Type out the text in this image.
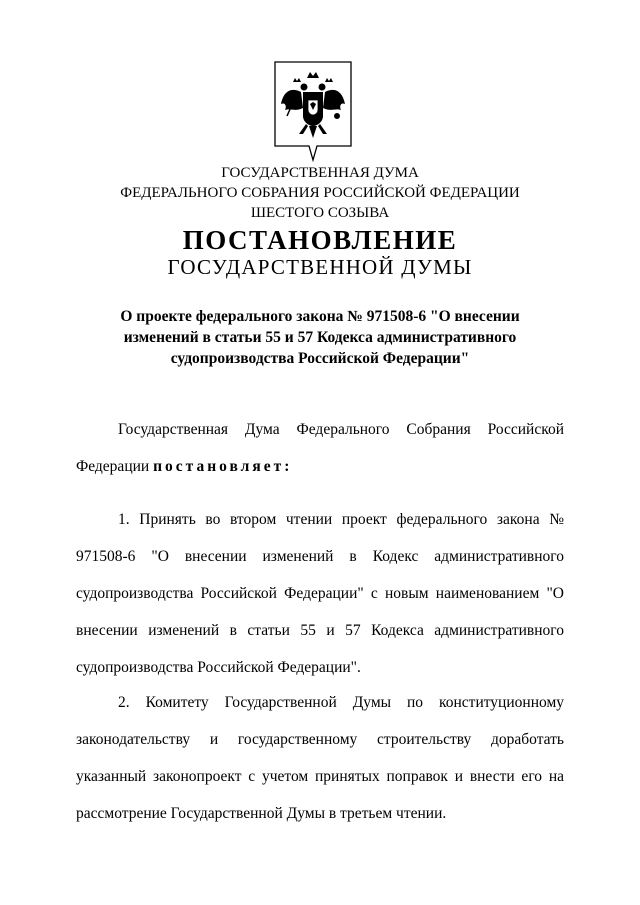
ГОСУДАРСТВЕННАЯ ДУМА
ФЕДЕРАЛЬНОГО СОБРАНИЯ РОССИЙСКОЙ ФЕДЕРАЦИИ
ШЕСТОГО СОЗЫВА
ПОСТАНОВЛЕНИЕ
ГОСУДАРСТВЕННОЙ ДУМЫ
О проекте федерального закона № 971508-6 "О внесении изменений в статьи 55 и 57 Кодекса административного судопроизводства Российской Федерации"
Государственная Дума Федерального Собрания Российской Федерации постановляет:
1. Принять во втором чтении проект федерального закона № 971508-6 "О внесении изменений в Кодекс административного судопроизводства Российской Федерации" с новым наименованием "О внесении изменений в статьи 55 и 57 Кодекса административного судопроизводства Российской Федерации".
2. Комитету Государственной Думы по конституционному законодательству и государственному строительству доработать указанный законопроект с учетом принятых поправок и внести его на рассмотрение Государственной Думы в третьем чтении.
